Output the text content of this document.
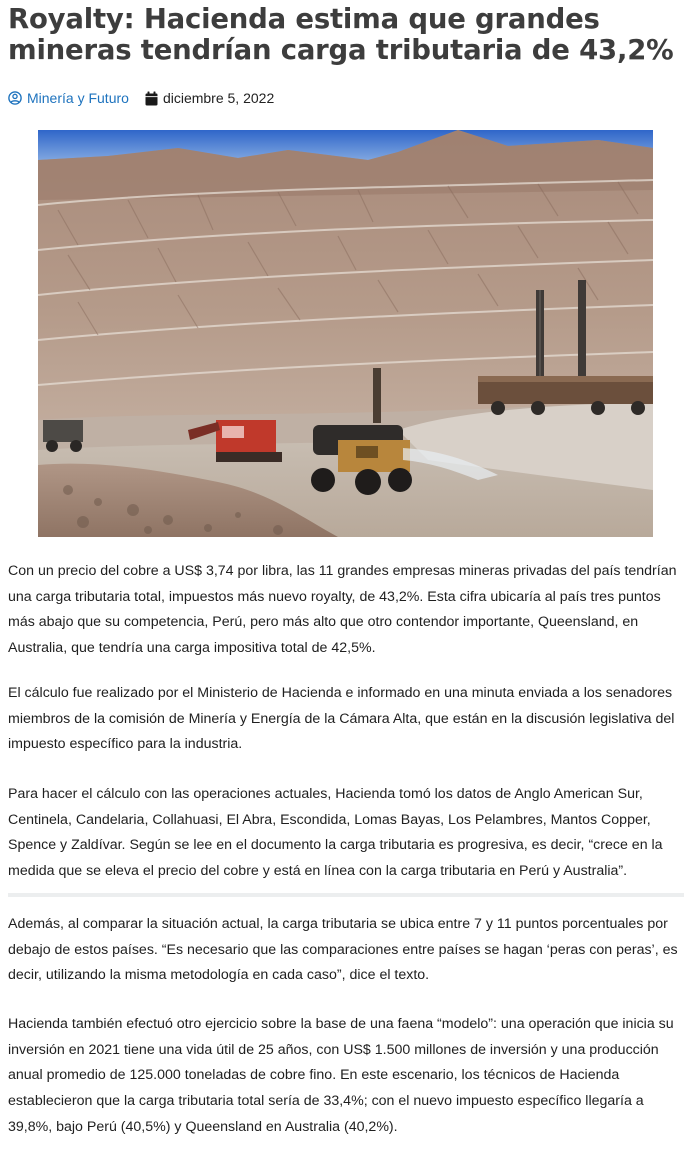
Royalty: Hacienda estima que grandes mineras tendrían carga tributaria de 43,2%
Minería y Futuro diciembre 5, 2022

Con un precio del cobre a US$ 3,74 por libra, las 11 grandes empresas mineras privadas del país tendrían una carga tributaria total, impuestos más nuevo royalty, de 43,2%. Esta cifra ubicaría al país tres puntos más abajo que su competencia, Perú, pero más alto que otro contendor importante, Queensland, en Australia, que tendría una carga impositiva total de 42,5%.

El cálculo fue realizado por el Ministerio de Hacienda e informado en una minuta enviada a los senadores miembros de la comisión de Minería y Energía de la Cámara Alta, que están en la discusión legislativa del impuesto específico para la industria.

Para hacer el cálculo con las operaciones actuales, Hacienda tomó los datos de Anglo American Sur, Centinela, Candelaria, Collahuasi, El Abra, Escondida, Lomas Bayas, Los Pelambres, Mantos Copper, Spence y Zaldívar. Según se lee en el documento la carga tributaria es progresiva, es decir, “crece en la medida que se eleva el precio del cobre y está en línea con la carga tributaria en Perú y Australia”.

Además, al comparar la situación actual, la carga tributaria se ubica entre 7 y 11 puntos porcentuales por debajo de estos países. “Es necesario que las comparaciones entre países se hagan ‘peras con peras’, es decir, utilizando la misma metodología en cada caso”, dice el texto.

Hacienda también efectuó otro ejercicio sobre la base de una faena “modelo”: una operación que inicia su inversión en 2021 tiene una vida útil de 25 años, con US$ 1.500 millones de inversión y una producción anual promedio de 125.000 toneladas de cobre fino. En este escenario, los técnicos de Hacienda establecieron que la carga tributaria total sería de 33,4%; con el nuevo impuesto específico llegaría a 39,8%, bajo Perú (40,5%) y Queensland en Australia (40,2%).
